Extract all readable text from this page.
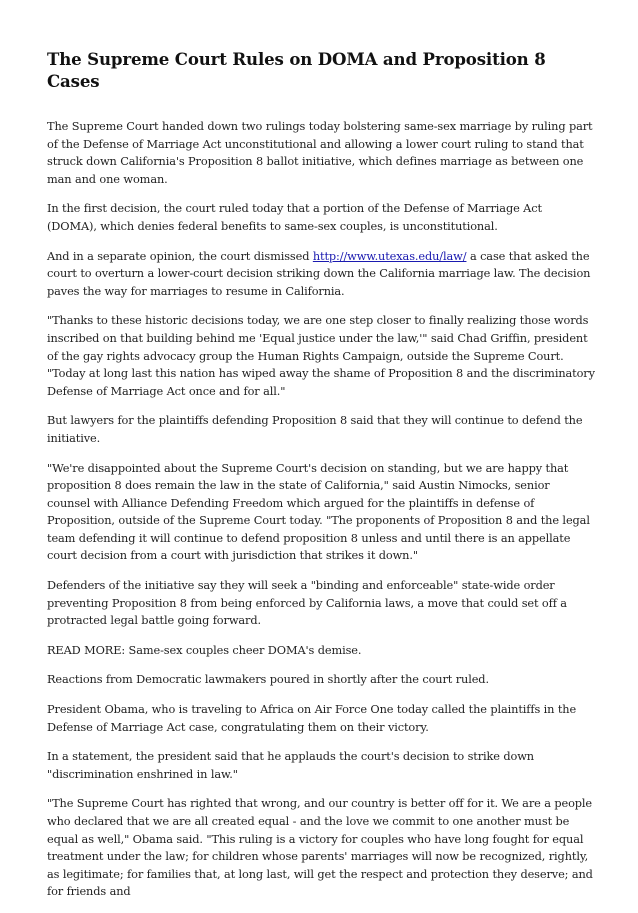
The Supreme Court Rules on DOMA and Proposition 8 Cases

The Supreme Court handed down two rulings today bolstering same-sex marriage by ruling part of the Defense of Marriage Act unconstitutional and allowing a lower court ruling to stand that struck down California's Proposition 8 ballot initiative, which defines marriage as between one man and one woman.

In the first decision, the court ruled today that a portion of the Defense of Marriage Act (DOMA), which denies federal benefits to same-sex couples, is unconstitutional.

And in a separate opinion, the court dismissed http://www.utexas.edu/law/ a case that asked the court to overturn a lower-court decision striking down the California marriage law. The decision paves the way for marriages to resume in California.

"Thanks to these historic decisions today, we are one step closer to finally realizing those words inscribed on that building behind me 'Equal justice under the law,'" said Chad Griffin, president of the gay rights advocacy group the Human Rights Campaign, outside the Supreme Court. "Today at long last this nation has wiped away the shame of Proposition 8 and the discriminatory Defense of Marriage Act once and for all."

But lawyers for the plaintiffs defending Proposition 8 said that they will continue to defend the initiative.

"We're disappointed about the Supreme Court's decision on standing, but we are happy that proposition 8 does remain the law in the state of California," said Austin Nimocks, senior counsel with Alliance Defending Freedom which argued for the plaintiffs in defense of Proposition, outside of the Supreme Court today. "The proponents of Proposition 8 and the legal team defending it will continue to defend proposition 8 unless and until there is an appellate court decision from a court with jurisdiction that strikes it down."

Defenders of the initiative say they will seek a "binding and enforceable" state-wide order preventing Proposition 8 from being enforced by California laws, a move that could set off a protracted legal battle going forward.

READ MORE: Same-sex couples cheer DOMA's demise.

Reactions from Democratic lawmakers poured in shortly after the court ruled.

President Obama, who is traveling to Africa on Air Force One today called the plaintiffs in the Defense of Marriage Act case, congratulating them on their victory.

In a statement, the president said that he applauds the court's decision to strike down "discrimination enshrined in law."

"The Supreme Court has righted that wrong, and our country is better off for it. We are a people who declared that we are all created equal - and the love we commit to one another must be equal as well," Obama said. "This ruling is a victory for couples who have long fought for equal treatment under the law; for children whose parents' marriages will now be recognized, rightly, as legitimate; for families that, at long last, will get the respect and protection they deserve; and for friends and
